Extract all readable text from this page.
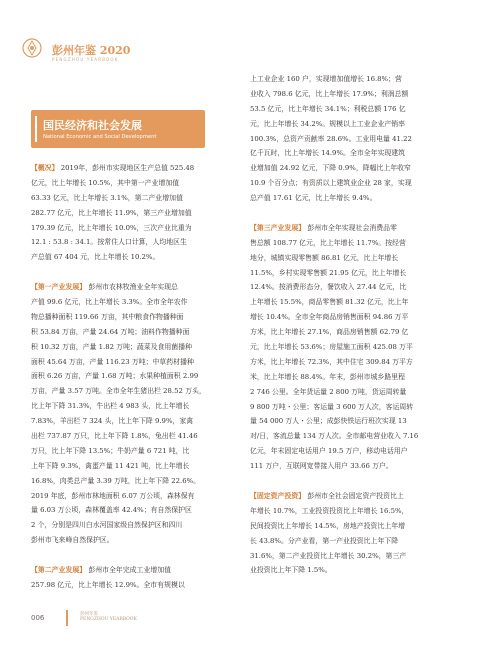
彭州年鉴 2020
PENGZHOU YEARBOOK
国民经济和社会发展
National Economic and Social Development
【概况】 2019年，彭州市实现地区生产总值 525.48
亿元，比上年增长 10.5%，其中第一产业增加值
63.33 亿元，比上年增长 3.1%，第二产业增加值
282.77 亿元，比上年增长 11.9%，第三产业增加值
179.39 亿元，比上年增长 10.0%，三次产业比重为
12.1 : 53.8 : 34.1。按常住人口计算，人均地区生
产总值 67 404 元，比上年增长 10.2%。
【第一产业发展】 彭州市农林牧渔业全年实现总
产值 99.6 亿元，比上年增长 3.3%。全市全年农作
物总播种面积 119.66 万亩，其中粮食作物播种面
积 53.84 万亩，产量 24.64 万吨；油料作物播种面
积 10.32 万亩，产量 1.82 万吨；蔬菜及食用菌播种
面积 45.64 万亩，产量 116.23 万吨；中草药材播种
面积 6.26 万亩，产量 1.68 万吨；水果种植面积 2.99
万亩，产量 3.57 万吨。全市全年生猪出栏 28.52 万头，
比上年下降 31.3%，牛出栏 4 983 头，比上年增长
7.83%，羊出栏 7 324 头，比上年下降 9.9%，家禽
出栏 737.87 万只，比上年下降 1.8%，兔出栏 41.46
万只，比上年下降 13.5%；牛奶产量 6 721 吨，比
上年下降 9.3%，禽蛋产量 11 421 吨，比上年增长
16.8%，肉类总产量 3.39 万吨，比上年下降 22.6%。
2019 年底，彭州市林地面积 6.07 万公顷，森林保有
量 6.03 万公顷，森林覆盖率 42.4%；有自然保护区
2 个，分别是四川白水河国家级自然保护区和四川
彭州市飞来峰自然保护区。
【第二产业发展】 彭州市全年完成工业增加值
257.98 亿元，比上年增长 12.9%。全市有规模以
上工业企业 160 户，实现增加值增长 16.8%；营
业收入 798.6 亿元，比上年增长 17.9%；利润总额
53.5 亿元，比上年增长 34.1%；利税总额 176 亿
元，比上年增长 34.2%。规模以上工业企业产销率
100.3%，总资产贡献率 28.6%。工业用电量 41.22
亿千瓦时，比上年增长 14.9%。全市全年实现建筑
业增加值 24.92 亿元，下降 0.9%，降幅比上年收窄
10.9 个百分点；有资质以上建筑业企业 28 家，实现
总产值 17.61 亿元，比上年增长 9.4%。
【第三产业发展】 彭州市全年实现社会消费品零
售总额 108.77 亿元，比上年增长 11.7%。按经营
地分，城镇实现零售额 86.81 亿元，比上年增长
11.5%，乡村实现零售额 21.95 亿元，比上年增长
12.4%。按消费形态分，餐饮收入 27.44 亿元，比
上年增长 15.5%，商品零售额 81.32 亿元，比上年
增长 10.4%。全市全年商品房销售面积 94.86 万平
方米，比上年增长 27.1%，商品房销售额 62.79 亿
元，比上年增长 53.6%；房屋施工面积 425.08 万平
方米，比上年增长 72.3%，其中住宅 309.84 万平方
米，比上年增长 88.4%。年末，彭州市城乡路里程
2 746 公里。全年货运量 2 800 万吨，货运周转量
9 800 万吨・公里；客运量 3 600 万人次，客运周转
量 54 000 万人・公里；成彭快铁运行班次实现 13
对/日，客流总量 134 万人次。全市邮电营业收入 7.16
亿元，年末固定电话用户 19.5 万户，移动电话用户
111 万户，互联网宽带接入用户 33.66 万户。
【固定资产投资】 彭州市全社会固定资产投资比上
年增长 10.7%，工业投资投资比上年增长 16.5%，
民间投资比上年增长 14.5%，房地产投资比上年增
长 43.8%。分产业看，第一产业投资比上年下降
31.6%，第二产业投资比上年增长 30.2%，第三产
业投资比上年下降 1.5%。
006	彭州年鉴
PENGZHOU YEARBOOK
